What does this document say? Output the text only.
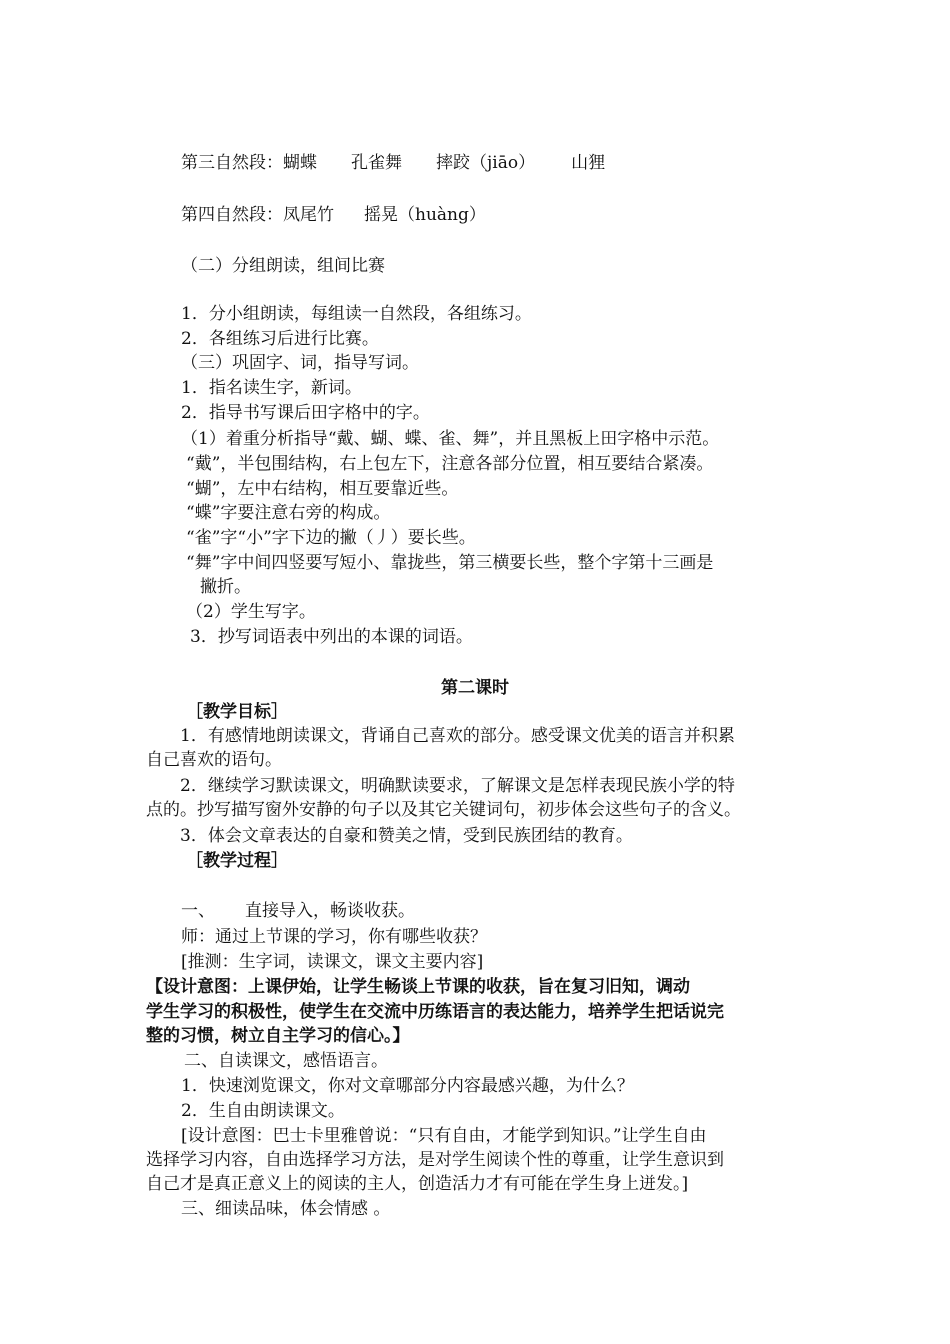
第三自然段：蝴蝶 孔雀舞 摔跤（jiāo） 山狸
第四自然段：凤尾竹 摇晃（huàng）
（二）分组朗读，组间比赛
1．分小组朗读，每组读一自然段，各组练习。
2．各组练习后进行比赛。
（三）巩固字、词，指导写词。
1．指名读生字，新词。
2．指导书写课后田字格中的字。
（1）着重分析指导“戴、蝴、蝶、雀、舞”，并且黑板上田字格中示范。
“戴”，半包围结构，右上包左下，注意各部分位置，相互要结合紧凑。
“蝴”，左中右结构，相互要靠近些。
“蝶”字要注意右旁的构成。
“雀”字“小”字下边的撇（丿）要长些。
“舞”字中间四竖要写短小、靠拢些，第三横要长些，整个字第十三画是
撇折。
（2）学生写字。
3．抄写词语表中列出的本课的词语。
第二课时
［教学目标］
1．有感情地朗读课文，背诵自己喜欢的部分。感受课文优美的语言并积累
自己喜欢的语句。
2．继续学习默读课文，明确默读要求，了解课文是怎样表现民族小学的特
点的。抄写描写窗外安静的句子以及其它关键词句，初步体会这些句子的含义。
3．体会文章表达的自豪和赞美之情，受到民族团结的教育。
［教学过程］
一、 直接导入，畅谈收获。
师：通过上节课的学习，你有哪些收获？
[推测：生字词，读课文，课文主要内容]
【设计意图：上课伊始，让学生畅谈上节课的收获，旨在复习旧知，调动
学生学习的积极性，使学生在交流中历练语言的表达能力，培养学生把话说完
整的习惯，树立自主学习的信心。】
二、自读课文，感悟语言。
1．快速浏览课文，你对文章哪部分内容最感兴趣，为什么？
2．生自由朗读课文。
[设计意图：巴士卡里雅曾说：“只有自由，才能学到知识。”让学生自由
选择学习内容，自由选择学习方法，是对学生阅读个性的尊重，让学生意识到
自己才是真正意义上的阅读的主人，创造活力才有可能在学生身上迸发。]
三、细读品味，体会情感 。
